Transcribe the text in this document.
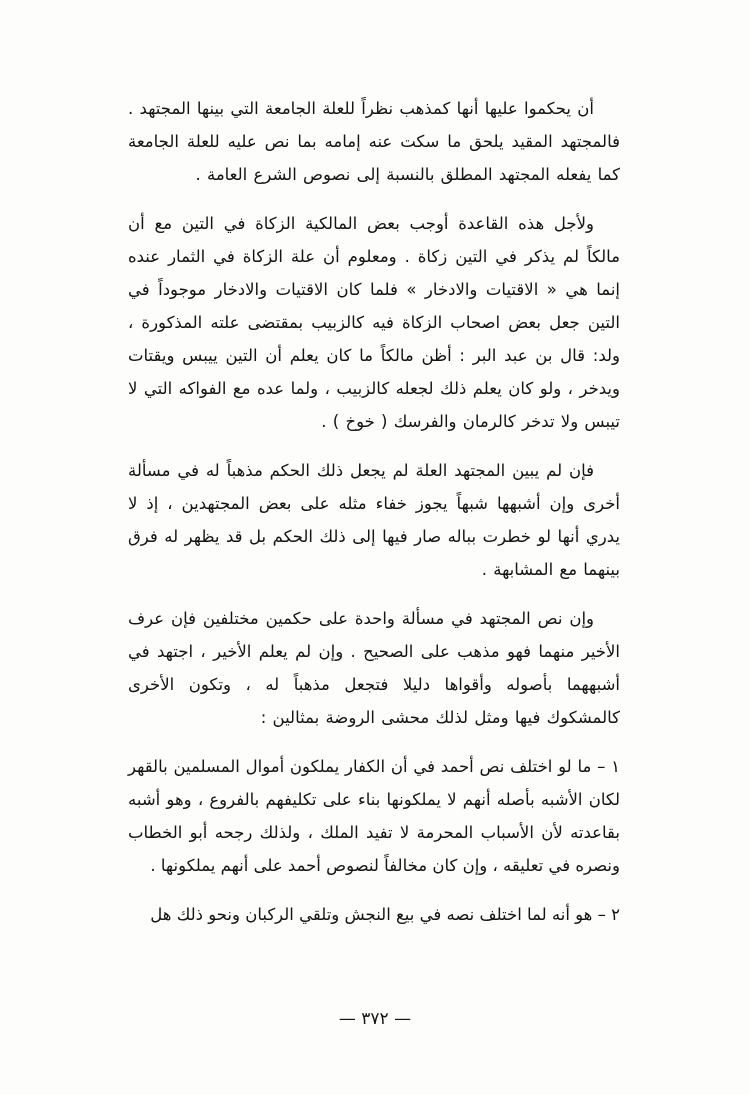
أن يحكموا عليها أنها كمذهب نظراً للعلة الجامعة التي بينها المجتهد . فالمجتهد المقيد يلحق ما سكت عنه إمامه بما نص عليه للعلة الجامعة كما يفعله المجتهد المطلق بالنسبة إلى نصوص الشرع العامة .

ولأجل هذه القاعدة أوجب بعض المالكية الزكاة في التين مع أن مالكاً لم يذكر في التين زكاة . ومعلوم أن علة الزكاة في الثمار عنده إنما هي « الاقتيات والادخار » فلما كان الاقتيات والادخار موجوداً في التين جعل بعض اصحاب الزكاة فيه كالزبيب بمقتضى علته المذكورة ، ولد: قال بن عبد البر : أظن مالكاً ما كان يعلم أن التين ييبس ويقتات ويدخر ، ولو كان يعلم ذلك لجعله كالزبيب ، ولما عده مع الفواكه التي لا تيبس ولا تدخر كالرمان والفرسك ( خوخ ) .

فإن لم يبين المجتهد العلة لم يجعل ذلك الحكم مذهباً له في مسألة أخرى وإن أشبهها شبهاً يجوز خفاء مثله على بعض المجتهدين ، إذ لا يدري أنها لو خطرت بباله صار فيها إلى ذلك الحكم بل قد يظهر له فرق بينهما مع المشابهة .

وإن نص المجتهد في مسألة واحدة على حكمين مختلفين فإن عرف الأخير منهما فهو مذهب على الصحيح . وإن لم يعلم الأخير ، اجتهد في أشبههما بأصوله وأقواها دليلا فتجعل مذهباً له ، وتكون الأخرى كالمشكوك فيها ومثل لذلك محشى الروضة بمثالين :

١ – ما لو اختلف نص أحمد في أن الكفار يملكون أموال المسلمين بالقهر لكان الأشبه بأصله أنهم لا يملكونها بناء على تكليفهم بالفروع ، وهو أشبه بقاعدته لأن الأسباب المحرمة لا تفيد الملك ، ولذلك رجحه أبو الخطاب ونصره في تعليقه ، وإن كان مخالفاً لنصوص أحمد على أنهم يملكونها .

٢ – هو أنه لما اختلف نصه في بيع النجش وتلقي الركبان ونحو ذلك هل

— ٣٧٢ —
